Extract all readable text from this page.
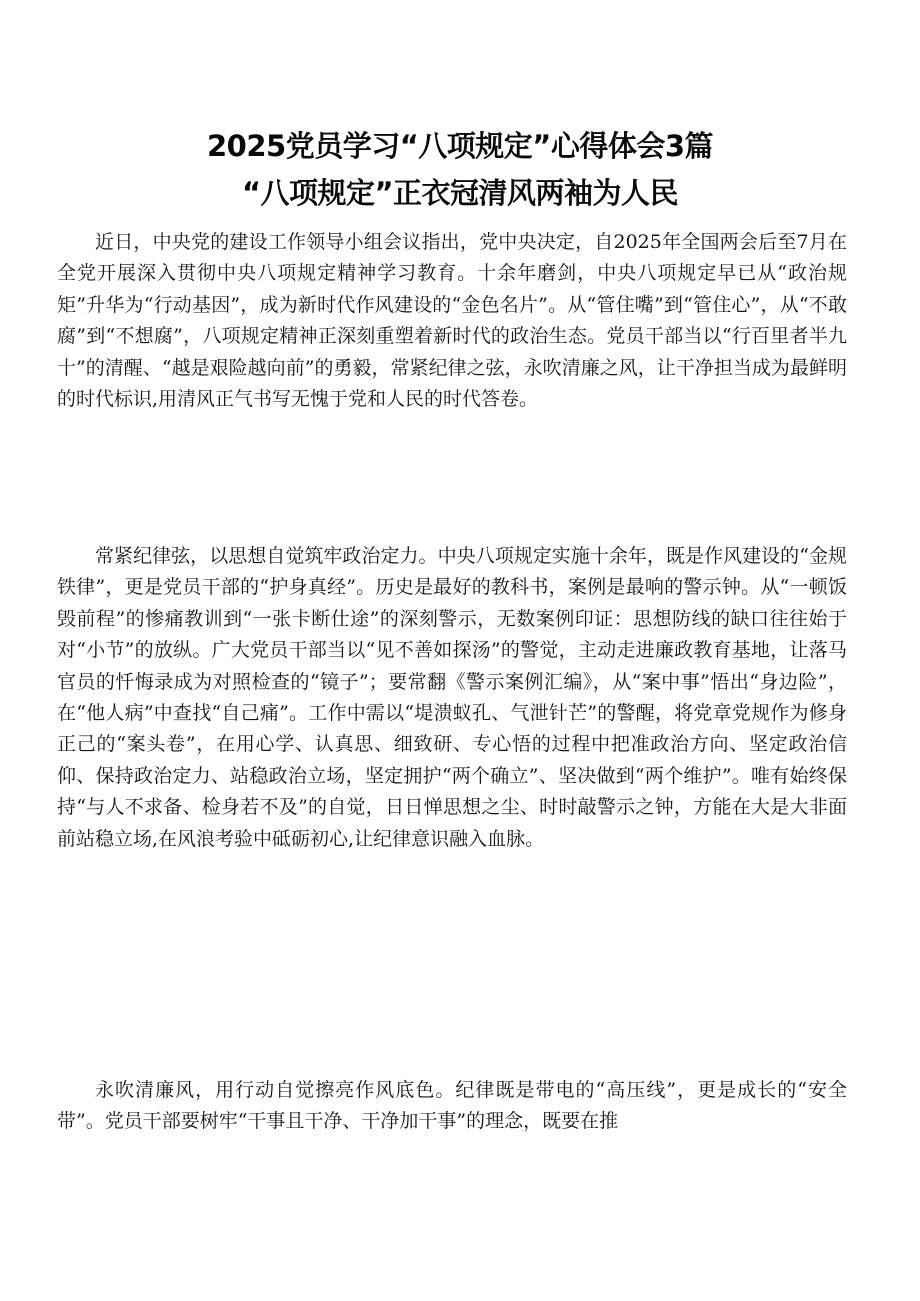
2025党员学习“八项规定”心得体会3篇
“八项规定”正衣冠清风两袖为人民

近日，中央党的建设工作领导小组会议指出，党中央决定，自2025年全国两会后至7月在全党开展深入贯彻中央八项规定精神学习教育。十余年磨剑，中央八项规定早已从“政治规矩”升华为“行动基因”，成为新时代作风建设的“金色名片”。从“管住嘴”到“管住心”，从“不敢腐”到“不想腐”，八项规定精神正深刻重塑着新时代的政治生态。党员干部当以“行百里者半九十”的清醒、“越是艰险越向前”的勇毅，常紧纪律之弦，永吹清廉之风，让干净担当成为最鲜明的时代标识,用清风正气书写无愧于党和人民的时代答卷。

常紧纪律弦，以思想自觉筑牢政治定力。中央八项规定实施十余年，既是作风建设的“金规铁律”，更是党员干部的“护身真经”。历史是最好的教科书，案例是最响的警示钟。从“一顿饭毁前程”的惨痛教训到“一张卡断仕途”的深刻警示，无数案例印证：思想防线的缺口往往始于对“小节”的放纵。广大党员干部当以“见不善如探汤”的警觉，主动走进廉政教育基地，让落马官员的忏悔录成为对照检查的“镜子”；要常翻《警示案例汇编》，从“案中事”悟出“身边险”，在“他人病”中查找“自己痛”。工作中需以“堤溃蚁孔、气泄针芒”的警醒，将党章党规作为修身正己的“案头卷”，在用心学、认真思、细致研、专心悟的过程中把准政治方向、坚定政治信仰、保持政治定力、站稳政治立场，坚定拥护“两个确立”、坚决做到“两个维护”。唯有始终保持“与人不求备、检身若不及”的自觉，日日惮思想之尘、时时敲警示之钟，方能在大是大非面前站稳立场,在风浪考验中砥砺初心,让纪律意识融入血脉。

永吹清廉风，用行动自觉擦亮作风底色。纪律既是带电的“高压线”，更是成长的“安全带”。党员干部要树牢“干事且干净、干净加干事”的理念，既要在推
